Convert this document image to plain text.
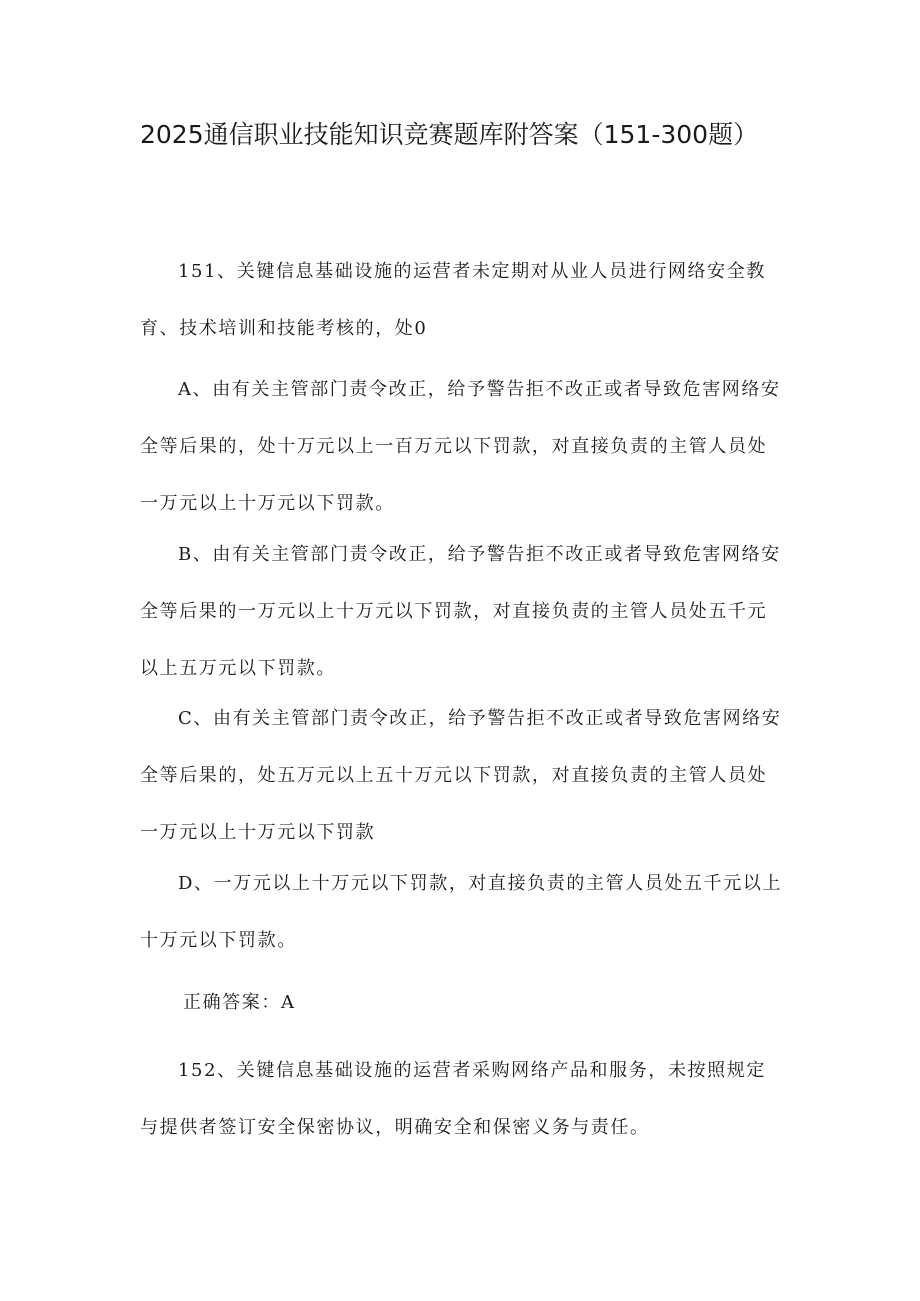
2025通信职业技能知识竞赛题库附答案（151-300题）

151、关键信息基础设施的运营者未定期对从业人员进行网络安全教育、技术培训和技能考核的，处0

A、由有关主管部门责令改正，给予警告拒不改正或者导致危害网络安全等后果的，处十万元以上一百万元以下罚款，对直接负责的主管人员处一万元以上十万元以下罚款。

B、由有关主管部门责令改正，给予警告拒不改正或者导致危害网络安全等后果的一万元以上十万元以下罚款，对直接负责的主管人员处五千元以上五万元以下罚款。

C、由有关主管部门责令改正，给予警告拒不改正或者导致危害网络安全等后果的，处五万元以上五十万元以下罚款，对直接负责的主管人员处一万元以上十万元以下罚款

D、一万元以上十万元以下罚款，对直接负责的主管人员处五千元以上十万元以下罚款。

正确答案：A

152、关键信息基础设施的运营者采购网络产品和服务，未按照规定与提供者签订安全保密协议，明确安全和保密义务与责任。
